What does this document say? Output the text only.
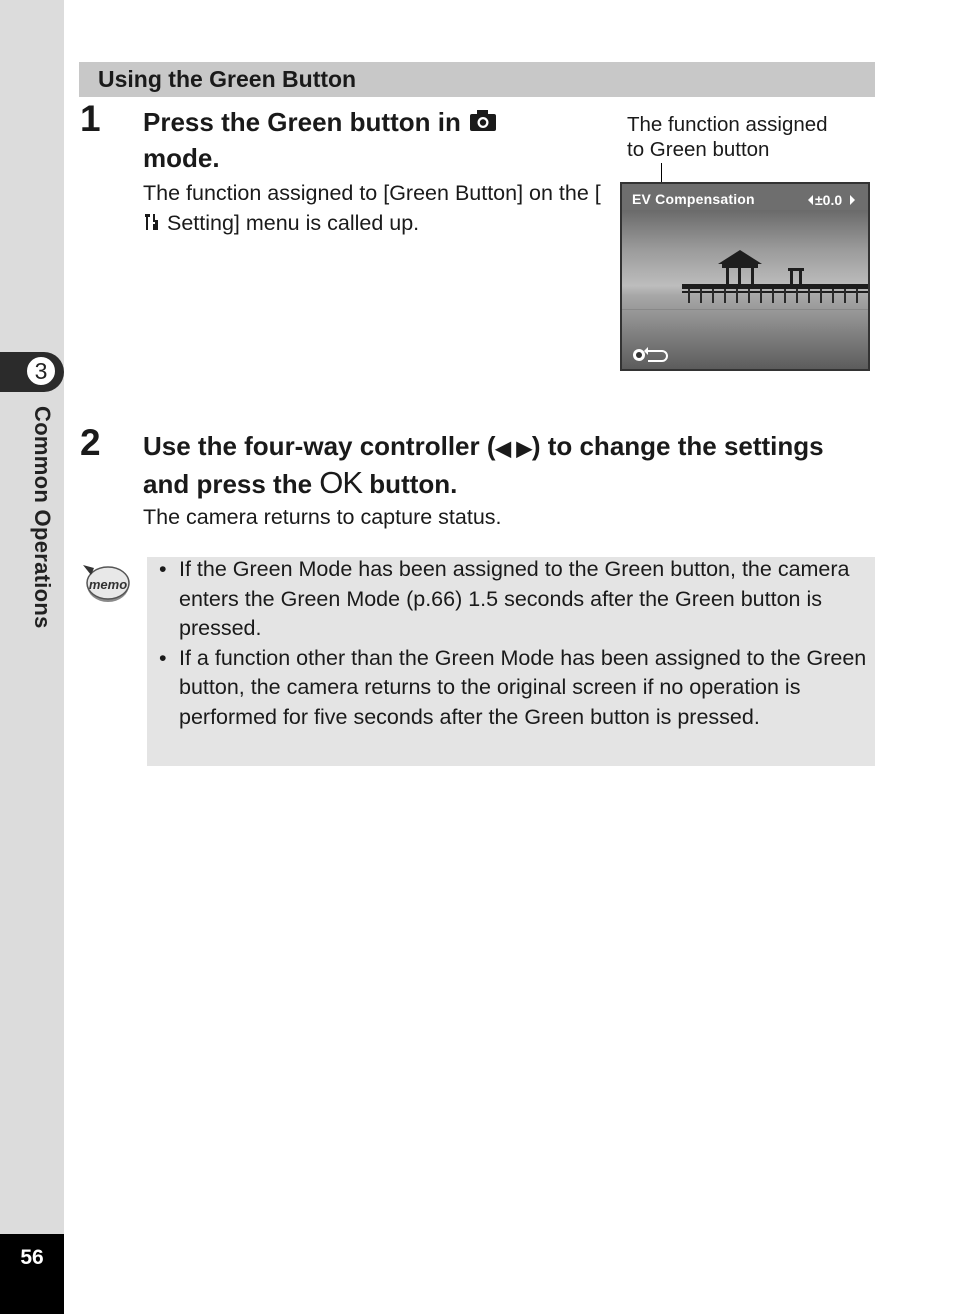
3
Common Operations
56
Using the Green Button
1 Press the Green button in
mode.
The function assigned to [Green Button] on the [ Setting] menu is called up.
The function assigned
to Green button
EV Compensation	±0.0
2 Use the four-way controller (◀ ▶) to change the settings and press the OK button.
The camera returns to capture status.
memo
• If the Green Mode has been assigned to the Green button, the camera enters the Green Mode (p.66) 1.5 seconds after the Green button is pressed.
• If a function other than the Green Mode has been assigned to the Green button, the camera returns to the original screen if no operation is performed for five seconds after the Green button is pressed.
